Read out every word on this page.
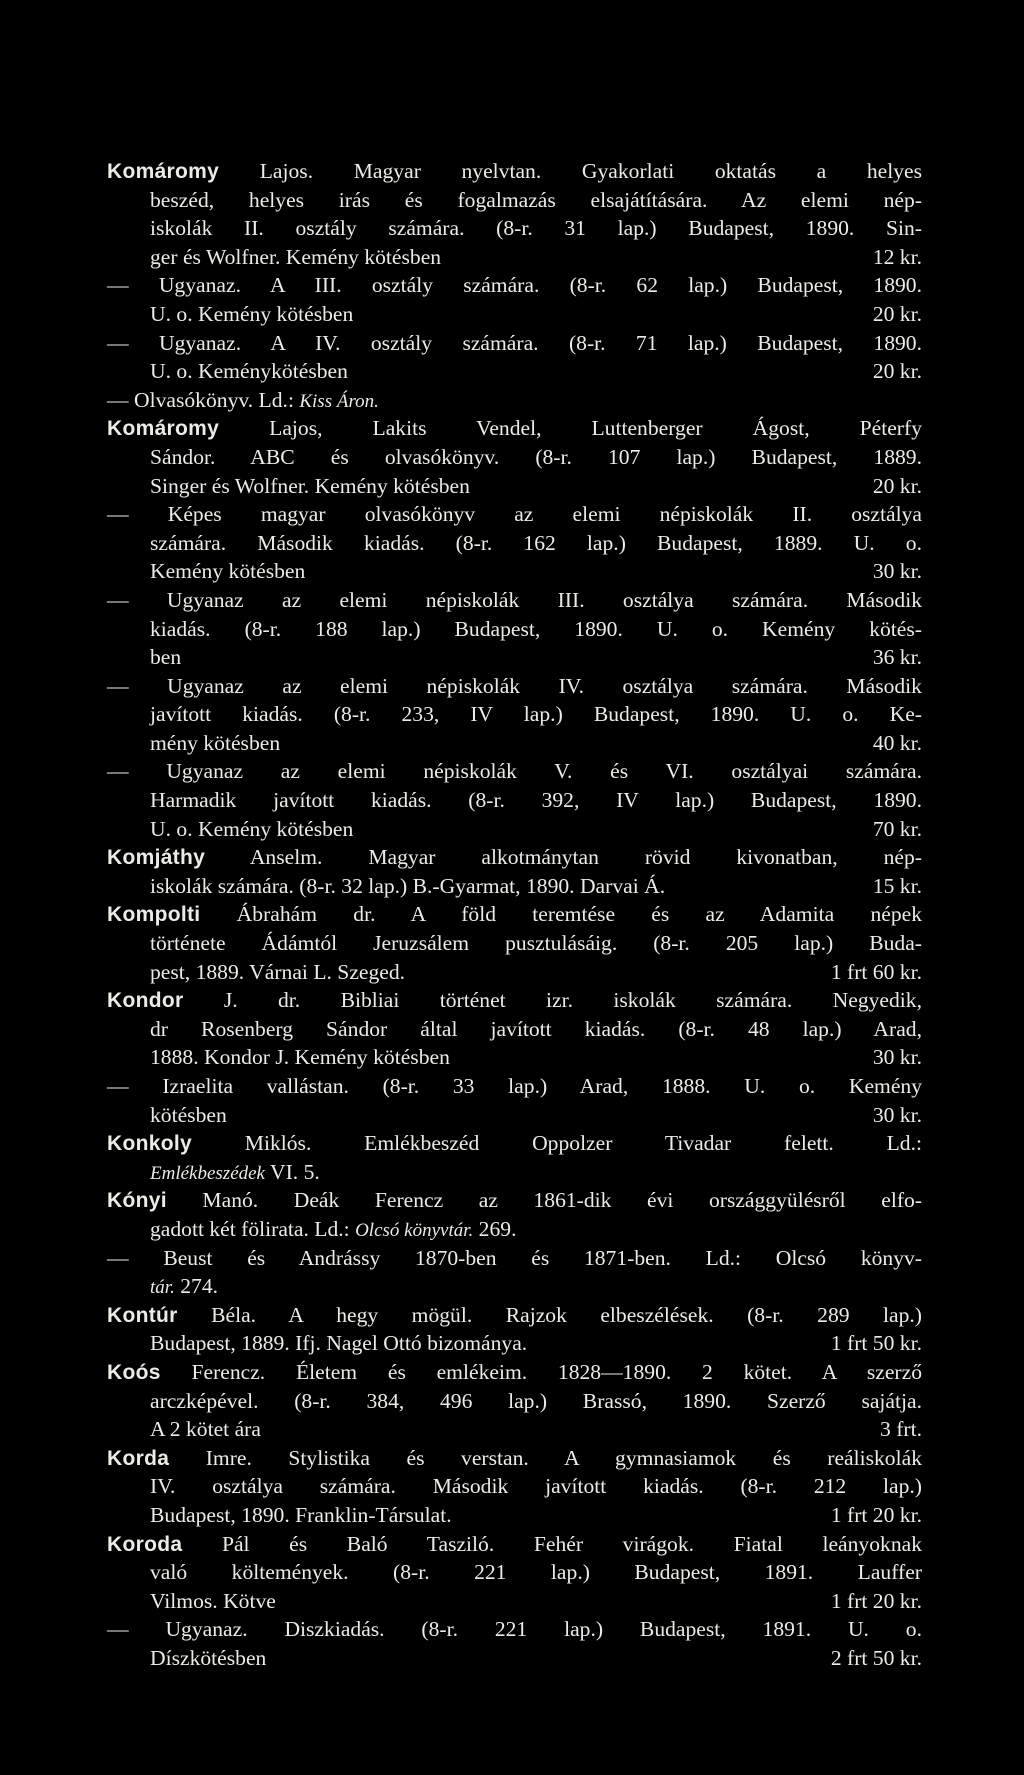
Komáromy Lajos. Magyar nyelvtan. Gyakorlati oktatás a helyes
beszéd, helyes irás és fogalmazás elsajátítására. Az elemi nép-
iskolák II. osztály számára. (8-r. 31 lap.) Budapest, 1890. Sin-
ger és Wolfner. Kemény kötésben	12 kr.
— Ugyanaz. A III. osztály számára. (8-r. 62 lap.) Budapest, 1890.
U. o. Kemény kötésben	20 kr.
— Ugyanaz. A IV. osztály számára. (8-r. 71 lap.) Budapest, 1890.
U. o. Keménykötésben	20 kr.
— Olvasókönyv. Ld.: Kiss Áron.
Komáromy Lajos, Lakits Vendel, Luttenberger Ágost, Péterfy
Sándor. ABC és olvasókönyv. (8-r. 107 lap.) Budapest, 1889.
Singer és Wolfner. Kemény kötésben	20 kr.
— Képes magyar olvasókönyv az elemi népiskolák II. osztálya
számára. Második kiadás. (8-r. 162 lap.) Budapest, 1889. U. o.
Kemény kötésben	30 kr.
— Ugyanaz az elemi népiskolák III. osztálya számára. Második
kiadás. (8-r. 188 lap.) Budapest, 1890. U. o. Kemény kötés-
ben	36 kr.
— Ugyanaz az elemi népiskolák IV. osztálya számára. Második
javított kiadás. (8-r. 233, IV lap.) Budapest, 1890. U. o. Ke-
mény kötésben	40 kr.
— Ugyanaz az elemi népiskolák V. és VI. osztályai számára.
Harmadik javított kiadás. (8-r. 392, IV lap.) Budapest, 1890.
U. o. Kemény kötésben	70 kr.
Komjáthy Anselm. Magyar alkotmánytan rövid kivonatban, nép-
iskolák számára. (8-r. 32 lap.) B.-Gyarmat, 1890. Darvai Á.	15 kr.
Kompolti Ábrahám dr. A föld teremtése és az Adamita népek
története Ádámtól Jeruzsálem pusztulásáig. (8-r. 205 lap.) Buda-
pest, 1889. Várnai L. Szeged.	1 frt 60 kr.
Kondor J. dr. Bibliai történet izr. iskolák számára. Negyedik,
dr Rosenberg Sándor által javított kiadás. (8-r. 48 lap.) Arad,
1888. Kondor J. Kemény kötésben	30 kr.
— Izraelita vallástan. (8-r. 33 lap.) Arad, 1888. U. o. Kemény
kötésben	30 kr.
Konkoly Miklós. Emlékbeszéd Oppolzer Tivadar felett. Ld.:
Emlékbeszédek VI. 5.
Kónyi Manó. Deák Ferencz az 1861-dik évi országgyülésről elfo-
gadott két fölirata. Ld.: Olcsó könyvtár. 269.
— Beust és Andrássy 1870-ben és 1871-ben. Ld.: Olcsó könyv-
tár. 274.
Kontúr Béla. A hegy mögül. Rajzok elbeszélések. (8-r. 289 lap.)
Budapest, 1889. Ifj. Nagel Ottó bizománya.	1 frt 50 kr.
Koós Ferencz. Életem és emlékeim. 1828—1890. 2 kötet. A szerző
arczképével. (8-r. 384, 496 lap.) Brassó, 1890. Szerző sajátja.
A 2 kötet ára	3 frt.
Korda Imre. Stylistika és verstan. A gymnasiamok és reáliskolák
IV. osztálya számára. Második javított kiadás. (8-r. 212 lap.)
Budapest, 1890. Franklin-Társulat.	1 frt 20 kr.
Koroda Pál és Baló Tasziló. Fehér virágok. Fiatal leányoknak
való költemények. (8-r. 221 lap.) Budapest, 1891. Lauffer
Vilmos. Kötve	1 frt 20 kr.
— Ugyanaz. Diszkiadás. (8-r. 221 lap.) Budapest, 1891. U. o.
Díszkötésben	2 frt 50 kr.
